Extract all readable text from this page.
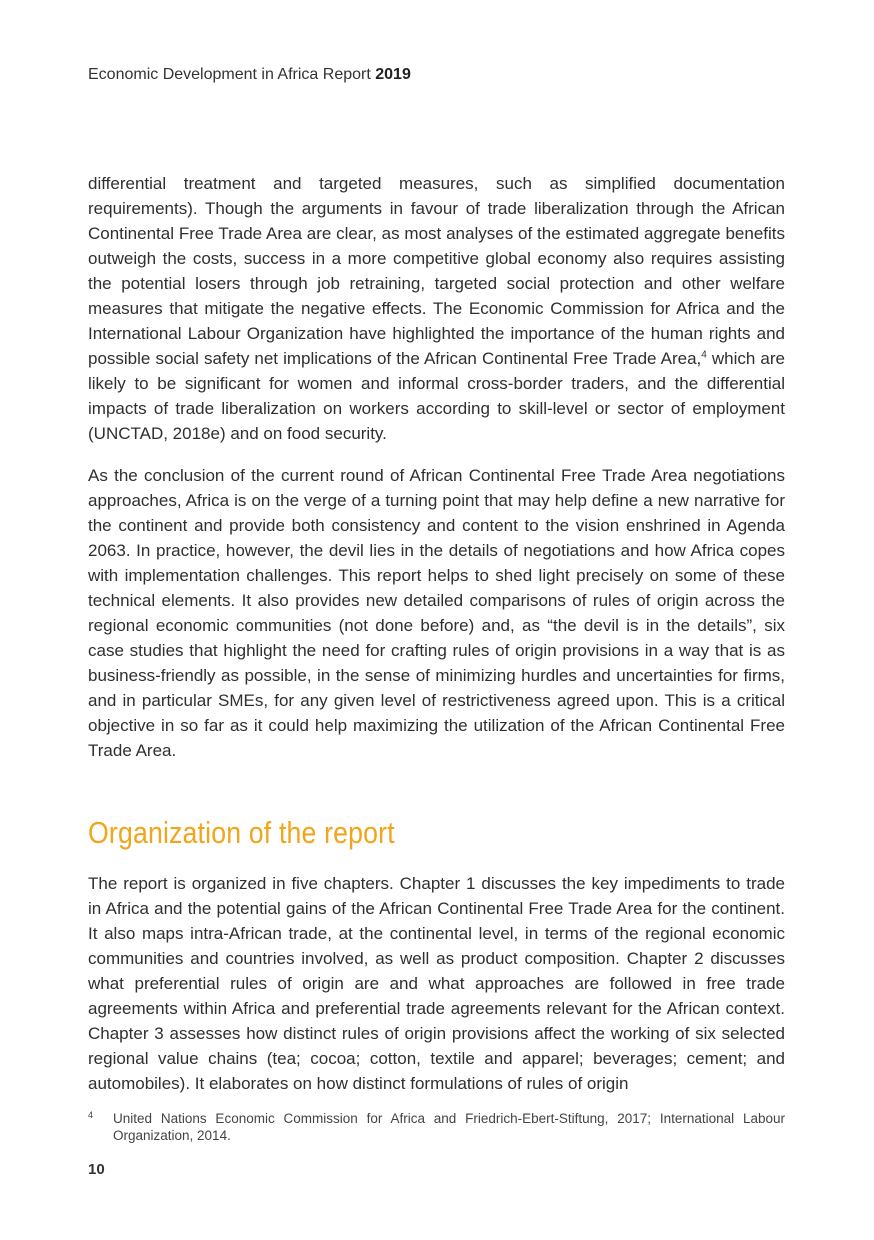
Economic Development in Africa Report 2019

differential treatment and targeted measures, such as simplified documentation requirements). Though the arguments in favour of trade liberalization through the African Continental Free Trade Area are clear, as most analyses of the estimated aggregate benefits outweigh the costs, success in a more competitive global economy also requires assisting the potential losers through job retraining, targeted social protection and other welfare measures that mitigate the negative effects. The Economic Commission for Africa and the International Labour Organization have highlighted the importance of the human rights and possible social safety net implications of the African Continental Free Trade Area,$^4$ which are likely to be significant for women and informal cross-border traders, and the differential impacts of trade liberalization on workers according to skill-level or sector of employment (UNCTAD, 2018e) and on food security.

As the conclusion of the current round of African Continental Free Trade Area negotiations approaches, Africa is on the verge of a turning point that may help define a new narrative for the continent and provide both consistency and content to the vision enshrined in Agenda 2063. In practice, however, the devil lies in the details of negotiations and how Africa copes with implementation challenges. This report helps to shed light precisely on some of these technical elements. It also provides new detailed comparisons of rules of origin across the regional economic communities (not done before) and, as “the devil is in the details”, six case studies that highlight the need for crafting rules of origin provisions in a way that is as business-friendly as possible, in the sense of minimizing hurdles and uncertainties for firms, and in particular SMEs, for any given level of restrictiveness agreed upon. This is a critical objective in so far as it could help maximizing the utilization of the African Continental Free Trade Area.

Organization of the report

The report is organized in five chapters. Chapter 1 discusses the key impediments to trade in Africa and the potential gains of the African Continental Free Trade Area for the continent. It also maps intra-African trade, at the continental level, in terms of the regional economic communities and countries involved, as well as product composition. Chapter 2 discusses what preferential rules of origin are and what approaches are followed in free trade agreements within Africa and preferential trade agreements relevant for the African context. Chapter 3 assesses how distinct rules of origin provisions affect the working of six selected regional value chains (tea; cocoa; cotton, textile and apparel; beverages; cement; and automobiles). It elaborates on how distinct formulations of rules of origin

4 United Nations Economic Commission for Africa and Friedrich-Ebert-Stiftung, 2017; International Labour Organization, 2014.
10
